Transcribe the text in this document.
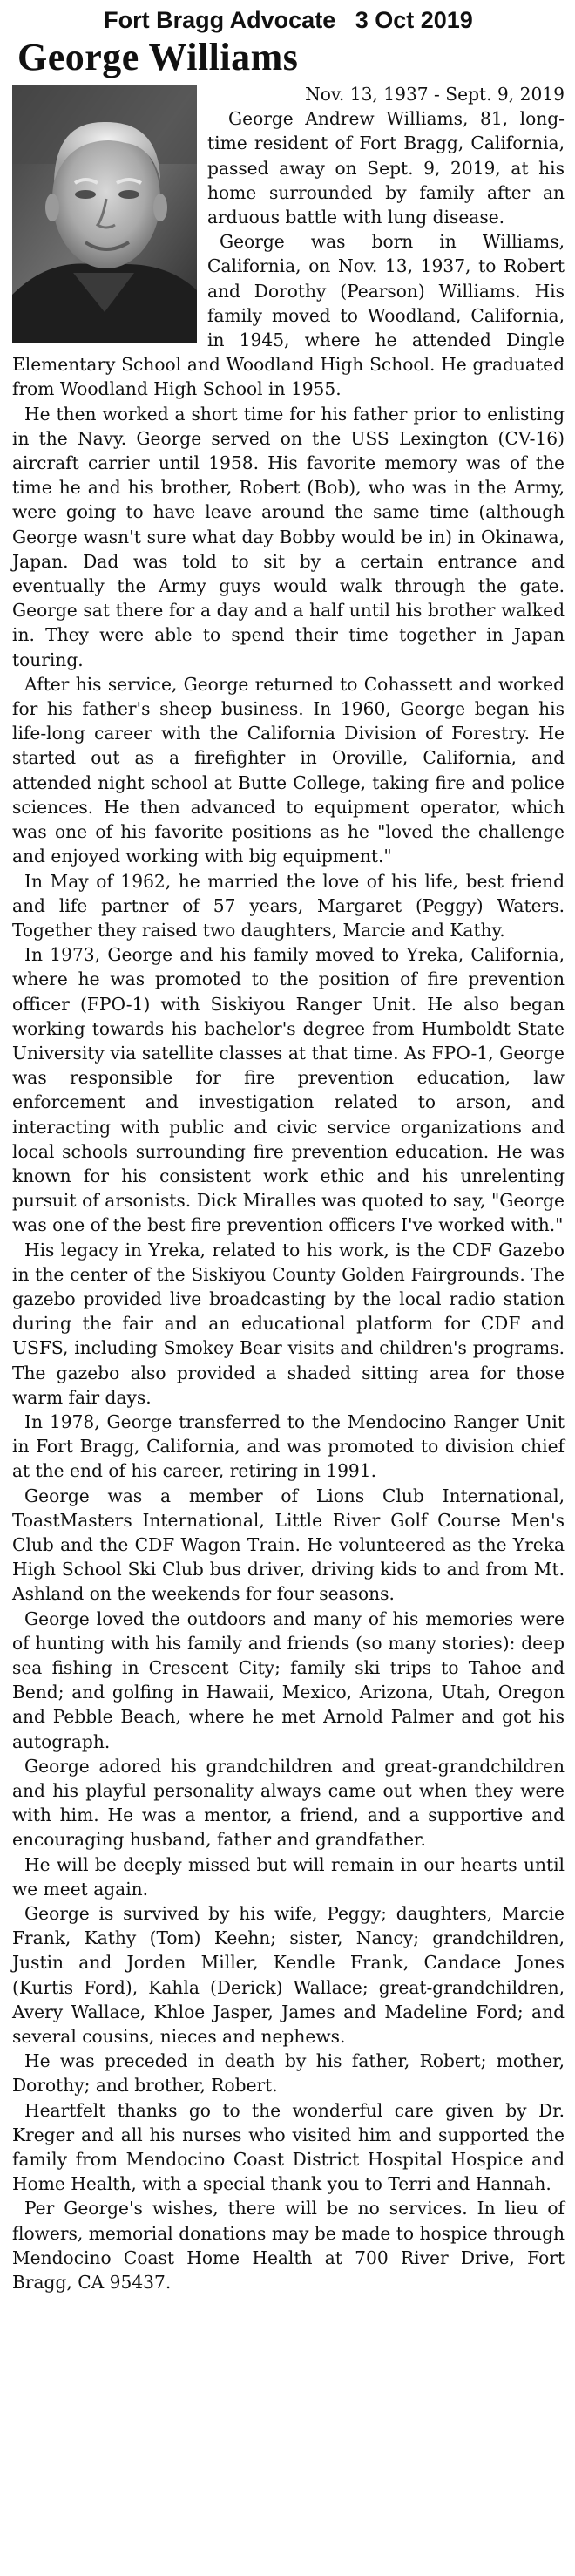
Fort Bragg Advocate 3 Oct 2019
George Williams
Nov. 13, 1937 - Sept. 9, 2019

George Andrew Williams, 81, long-time resident of Fort Bragg, California, passed away on Sept. 9, 2019, at his home surrounded by family after an arduous battle with lung disease.

George was born in Williams, California, on Nov. 13, 1937, to Robert and Dorothy (Pearson) Williams. His family moved to Woodland, California, in 1945, where he attended Dingle Elementary School and Woodland High School. He graduated from Woodland High School in 1955.

He then worked a short time for his father prior to enlisting in the Navy. George served on the USS Lexington (CV-16) aircraft carrier until 1958. His favorite memory was of the time he and his brother, Robert (Bob), who was in the Army, were going to have leave around the same time (although George wasn't sure what day Bobby would be in) in Okinawa, Japan. Dad was told to sit by a certain entrance and eventually the Army guys would walk through the gate. George sat there for a day and a half until his brother walked in. They were able to spend their time together in Japan touring.

After his service, George returned to Cohassett and worked for his father's sheep business. In 1960, George began his life-long career with the California Division of Forestry. He started out as a firefighter in Oroville, California, and attended night school at Butte College, taking fire and police sciences. He then advanced to equipment operator, which was one of his favorite positions as he "loved the challenge and enjoyed working with big equipment."

In May of 1962, he married the love of his life, best friend and life partner of 57 years, Margaret (Peggy) Waters. Together they raised two daughters, Marcie and Kathy.

In 1973, George and his family moved to Yreka, California, where he was promoted to the position of fire prevention officer (FPO-1) with Siskiyou Ranger Unit. He also began working towards his bachelor's degree from Humboldt State University via satellite classes at that time. As FPO-1, George was responsible for fire prevention education, law enforcement and investigation related to arson, and interacting with public and civic service organizations and local schools surrounding fire prevention education. He was known for his consistent work ethic and his unrelenting pursuit of arsonists. Dick Miralles was quoted to say, "George was one of the best fire prevention officers I've worked with."

His legacy in Yreka, related to his work, is the CDF Gazebo in the center of the Siskiyou County Golden Fairgrounds. The gazebo provided live broadcasting by the local radio station during the fair and an educational platform for CDF and USFS, including Smokey Bear visits and children's programs. The gazebo also provided a shaded sitting area for those warm fair days.

In 1978, George transferred to the Mendocino Ranger Unit in Fort Bragg, California, and was promoted to division chief at the end of his career, retiring in 1991.

George was a member of Lions Club International, ToastMasters International, Little River Golf Course Men's Club and the CDF Wagon Train. He volunteered as the Yreka High School Ski Club bus driver, driving kids to and from Mt. Ashland on the weekends for four seasons.

George loved the outdoors and many of his memories were of hunting with his family and friends (so many stories): deep sea fishing in Crescent City; family ski trips to Tahoe and Bend; and golfing in Hawaii, Mexico, Arizona, Utah, Oregon and Pebble Beach, where he met Arnold Palmer and got his autograph.

George adored his grandchildren and great-grandchildren and his playful personality always came out when they were with him. He was a mentor, a friend, and a supportive and encouraging husband, father and grandfather.

He will be deeply missed but will remain in our hearts until we meet again.

George is survived by his wife, Peggy; daughters, Marcie Frank, Kathy (Tom) Keehn; sister, Nancy; grandchildren, Justin and Jorden Miller, Kendle Frank, Candace Jones (Kurtis Ford), Kahla (Derick) Wallace; great-grandchildren, Avery Wallace, Khloe Jasper, James and Madeline Ford; and several cousins, nieces and nephews.

He was preceded in death by his father, Robert; mother, Dorothy; and brother, Robert.

Heartfelt thanks go to the wonderful care given by Dr. Kreger and all his nurses who visited him and supported the family from Mendocino Coast District Hospital Hospice and Home Health, with a special thank you to Terri and Hannah.

Per George's wishes, there will be no services. In lieu of flowers, memorial donations may be made to hospice through Mendocino Coast Home Health at 700 River Drive, Fort Bragg, CA 95437.
